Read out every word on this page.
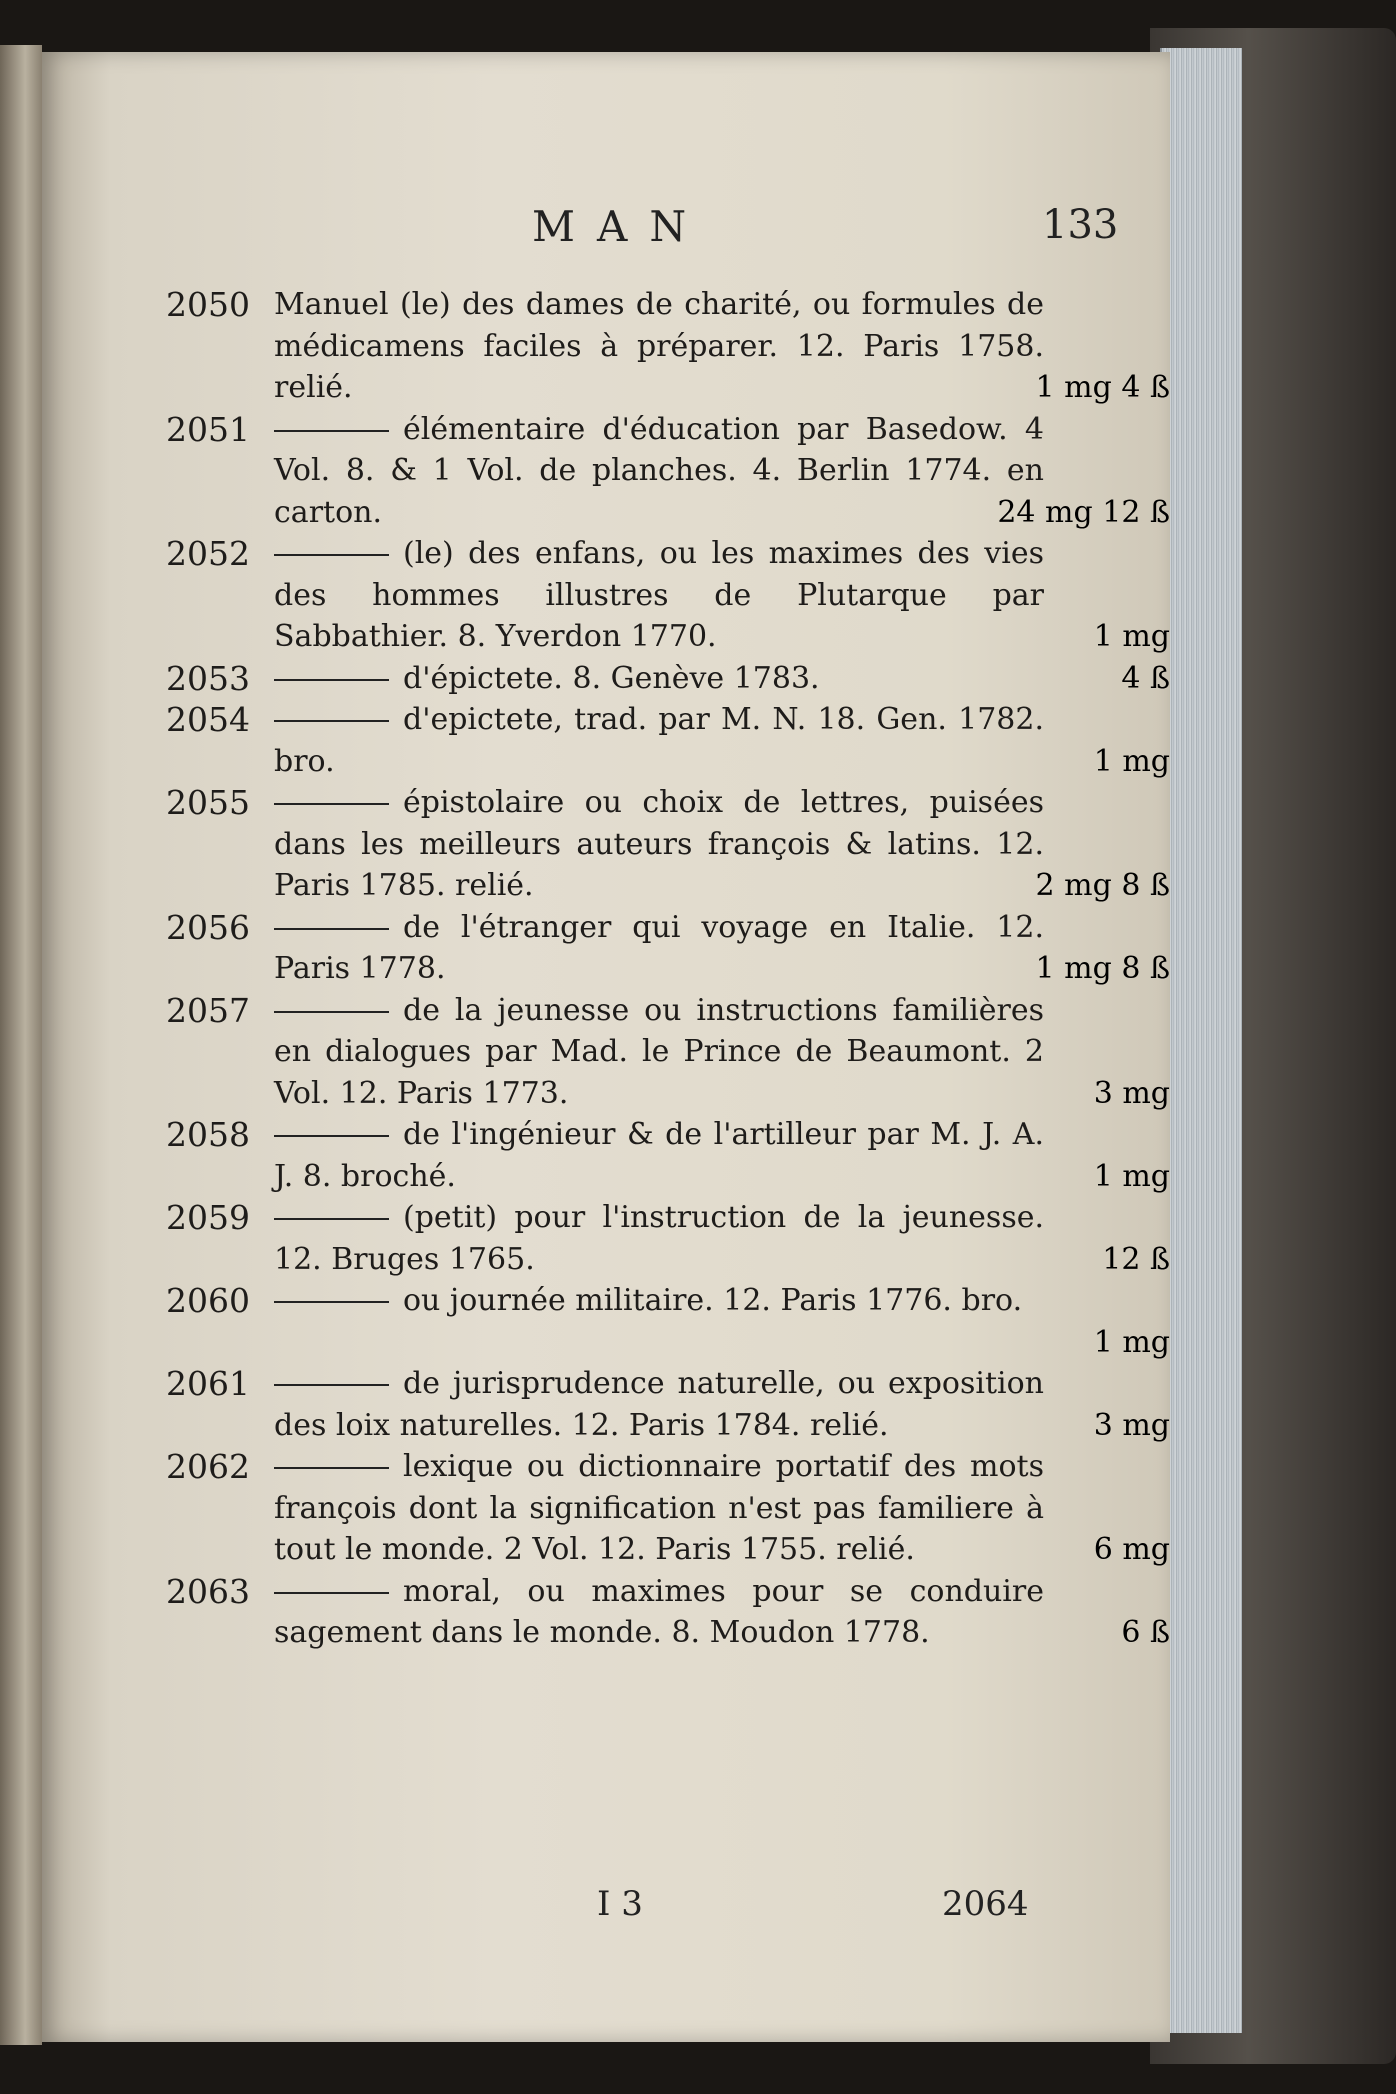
MAN	133
2050 Manuel (le) des dames de charité, ou formules de médicamens faciles à préparer. 12. Paris 1758. relié.	1 mg 4 ß
2051	élémentaire d'éducation par Basedow. 4 Vol. 8. & 1 Vol. de planches. 4. Berlin 1774. en carton.	24 mg 12 ß
2052	(le) des enfans, ou les maximes des vies des hommes illustres de Plutarque par Sabbathier. 8. Yverdon 1770.	1 mg
2053	d'épictete. 8. Genève 1783.	4 ß
2054	d'epictete, trad. par M. N. 18. Gen. 1782. bro.	1 mg
2055	épistolaire ou choix de lettres, puisées dans les meilleurs auteurs françois & latins. 12. Paris 1785. relié.	2 mg 8 ß
2056	de l'étranger qui voyage en Italie. 12. Paris 1778.	1 mg 8 ß
2057	de la jeunesse ou instructions familières en dialogues par Mad. le Prince de Beaumont. 2 Vol. 12. Paris 1773.	3 mg
2058	de l'ingénieur & de l'artilleur par M. J. A. J. 8. broché.	1 mg
2059	(petit) pour l'instruction de la jeunesse. 12. Bruges 1765.	12 ß
2060	ou journée militaire. 12. Paris 1776. bro.
1 mg
2061	de jurisprudence naturelle, ou exposition des loix naturelles. 12. Paris 1784. relié.	3 mg
2062	lexique ou dictionnaire portatif des mots françois dont la signification n'est pas familiere à tout le monde. 2 Vol. 12. Paris 1755. relié.	6 mg
2063	moral, ou maximes pour se conduire sagement dans le monde. 8. Moudon 1778.	6 ß
I 3	2064
